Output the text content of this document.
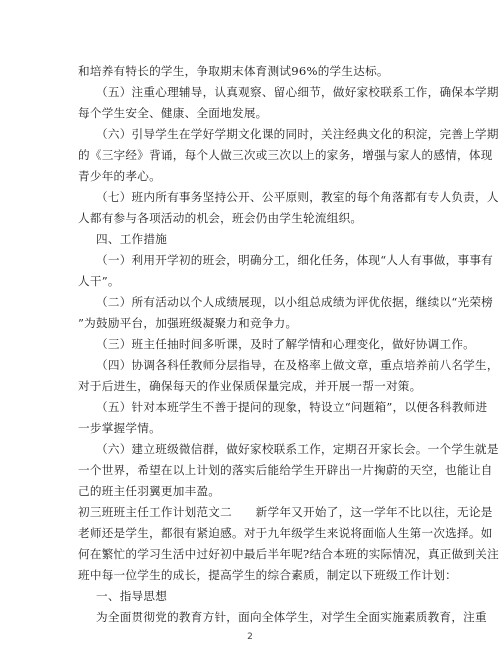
和培养有特长的学生，争取期末体育测试96%的学生达标。
（五）注重心理辅导，认真观察、留心细节，做好家校联系工作，确保本学期
每个学生安全、健康、全面地发展。
（六）引导学生在学好学期文化课的同时，关注经典文化的积淀，完善上学期
的《三字经》背诵，每个人做三次或三次以上的家务，增强与家人的感情，体现
青少年的孝心。
（七）班内所有事务坚持公开、公平原则，教室的每个角落都有专人负责，人
人都有参与各项活动的机会，班会仍由学生轮流组织。
四、工作措施
（一）利用开学初的班会，明确分工，细化任务，体现“人人有事做，事事有
人干”。
（二）所有活动以个人成绩展现，以小组总成绩为评优依据，继续以“光荣榜
”为鼓励平台，加强班级凝聚力和竞争力。
（三）班主任抽时间多听课，及时了解学情和心理变化，做好协调工作。
（四）协调各科任教师分层指导，在及格率上做文章，重点培养前八名学生，
对于后进生，确保每天的作业保质保量完成，并开展一帮一对策。
（五）针对本班学生不善于提问的现象，特设立“问题箱”，以便各科教师进
一步掌握学情。
（六）建立班级微信群，做好家校联系工作，定期召开家长会。一个学生就是
一个世界，希望在以上计划的落实后能给学生开辟出一片掬蔚的天空，也能让自
己的班主任羽翼更加丰盈。
初三班班主任工作计划范文二　　新学年又开始了，这一学年不比以往，无论是
老师还是学生，都很有紧迫感。对于九年级学生来说将面临人生第一次选择。如
何在繁忙的学习生活中过好初中最后半年呢?结合本班的实际情况，真正做到关注
班中每一位学生的成长，提高学生的综合素质，制定以下班级工作计划：
一、指导思想
为全面贯彻党的教育方针，面向全体学生，对学生全面实施素质教育，注重
2
